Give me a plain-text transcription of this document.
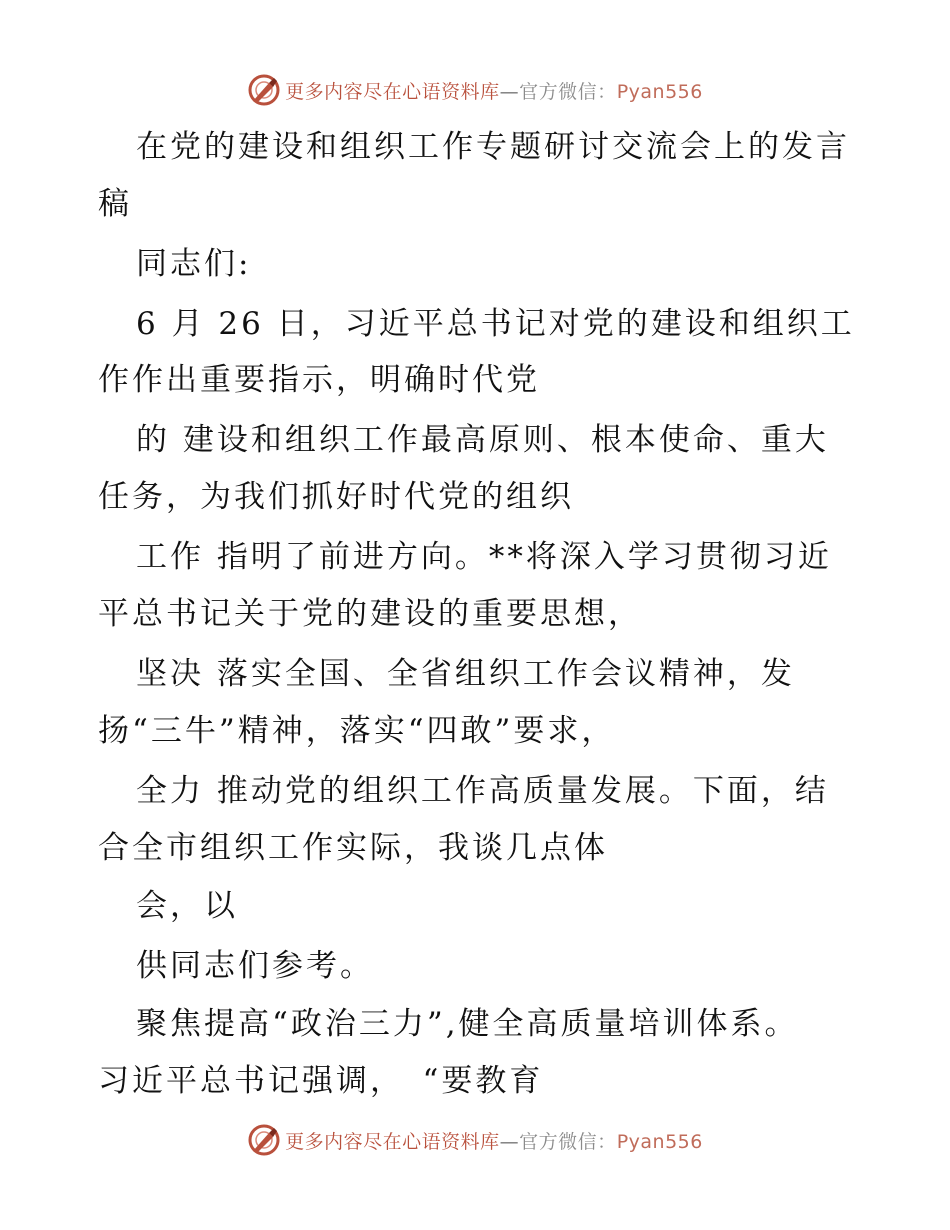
更多内容尽在心语资料库—官方微信：Pyan556
在党的建设和组织工作专题研讨交流会上的发言
稿
同志们:
6 月 26 日，习近平总书记对党的建设和组织工
作作出重要指示，明确时代党
的 建设和组织工作最高原则、根本使命、重大
任务，为我们抓好时代党的组织
工作 指明了前进方向。**将深入学习贯彻习近
平总书记关于党的建设的重要思想，
坚决 落实全国、全省组织工作会议精神，发
扬“三牛”精神，落实“四敢”要求，
全力 推动党的组织工作高质量发展。下面，结
合全市组织工作实际，我谈几点体
会，以
供同志们参考。
聚焦提高“政治三力”,健全高质量培训体系。
习近平总书记强调，　“要教育
更多内容尽在心语资料库—官方微信：Pyan556
